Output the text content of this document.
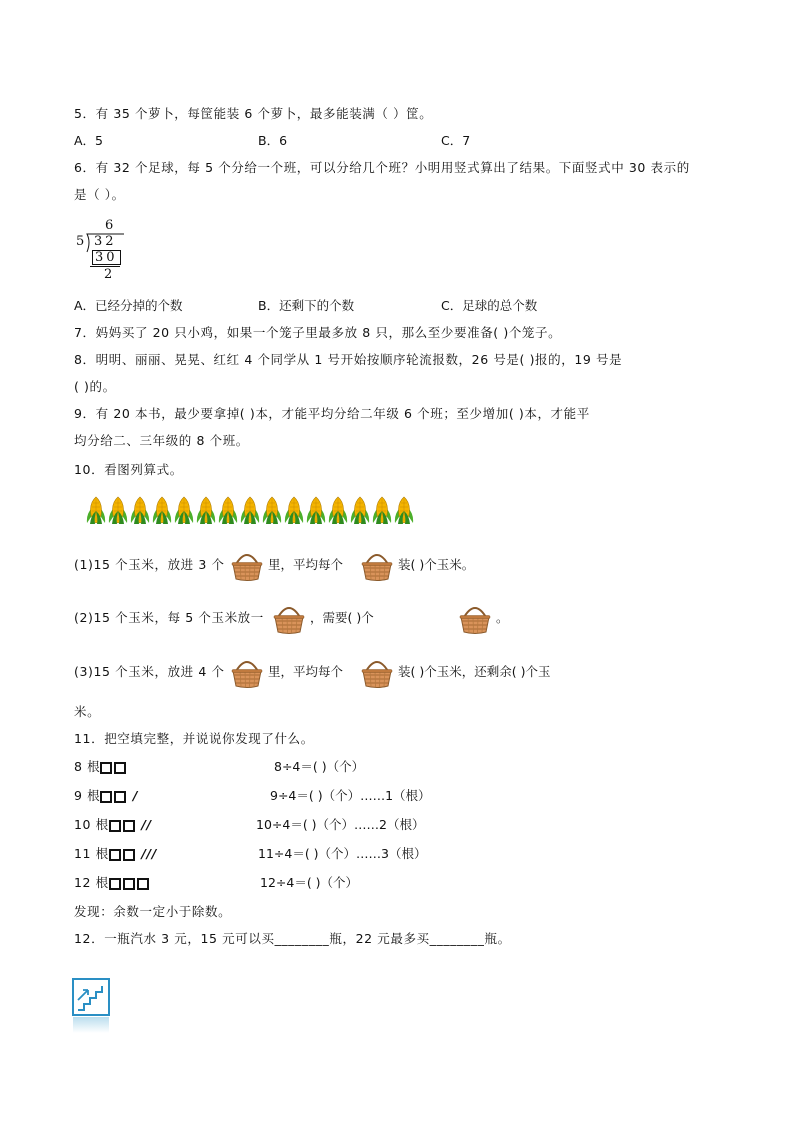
5．有 35 个萝卜，每筐能装 6 个萝卜，最多能装满（ ）筐。
A．5	B．6	C．7
6．有 32 个足球，每 5 个分给一个班，可以分给几个班？小明用竖式算出了结果。下面竖式中 30 表示的
是（ ）。
6
5 32
30
2
A．已经分掉的个数	B．还剩下的个数	C．足球的总个数
7．妈妈买了 20 只小鸡，如果一个笼子里最多放 8 只，那么至少要准备( )个笼子。
8．明明、丽丽、晃晃、红红 4 个同学从 1 号开始按顺序轮流报数，26 号是( )报的，19 号是
( )的。
9．有 20 本书，最少要拿掉( )本，才能平均分给二年级 6 个班；至少增加( )本，才能平
均分给二、三年级的 8 个班。
10．看图列算式。
(1)15 个玉米，放进 3 个	里，平均每个	装( )个玉米。
(2)15 个玉米，每 5 个玉米放一	，需要( )个	。
(3)15 个玉米，放进 4 个	里，平均每个	装( )个玉米，还剩余( )个玉
米。
11．把空填完整，并说说你发现了什么。
8 根	8÷4＝( )（个）
9 根	/	9÷4＝( )（个）……1（根）
10 根	//	10÷4＝( )（个）……2（根）
11 根	///	11÷4＝( )（个）……3（根）
12 根	12÷4＝( )（个）
发现：余数一定小于除数。
12．一瓶汽水 3 元，15 元可以买________瓶，22 元最多买________瓶。
